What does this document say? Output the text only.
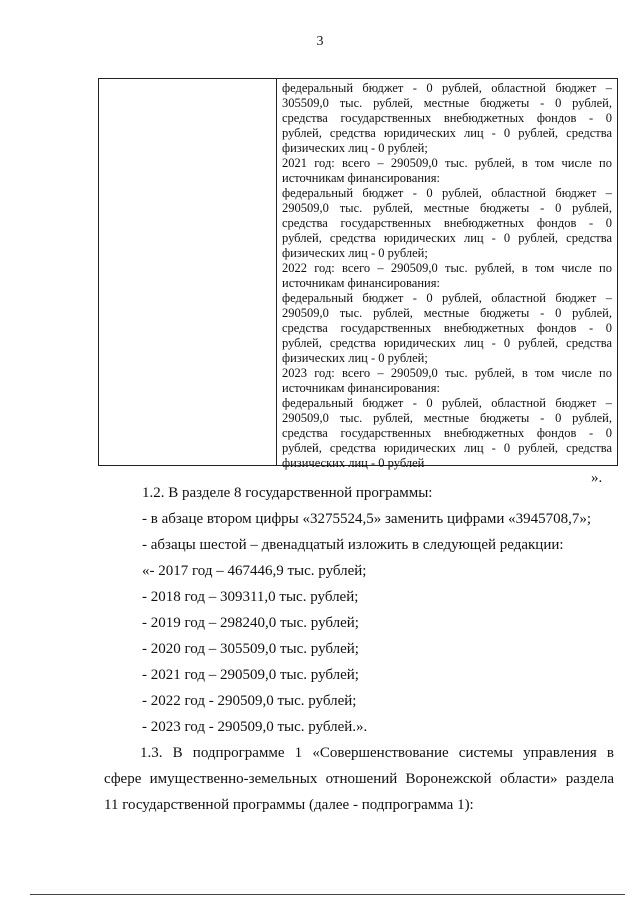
3
федеральный бюджет - 0 рублей, областной бюджет –
305509,0 тыс. рублей, местные бюджеты - 0 рублей,
средства государственных внебюджетных фондов - 0
рублей, средства юридических лиц - 0 рублей, средства
физических лиц - 0 рублей;
2021 год: всего – 290509,0 тыс. рублей, в том числе по
источникам финансирования:
федеральный бюджет - 0 рублей, областной бюджет –
290509,0 тыс. рублей, местные бюджеты - 0 рублей,
средства государственных внебюджетных фондов - 0
рублей, средства юридических лиц - 0 рублей, средства
физических лиц - 0 рублей;
2022 год: всего – 290509,0 тыс. рублей, в том числе по
источникам финансирования:
федеральный бюджет - 0 рублей, областной бюджет –
290509,0 тыс. рублей, местные бюджеты - 0 рублей,
средства государственных внебюджетных фондов - 0
рублей, средства юридических лиц - 0 рублей, средства
физических лиц - 0 рублей;
2023 год: всего – 290509,0 тыс. рублей, в том числе по
источникам финансирования:
федеральный бюджет - 0 рублей, областной бюджет –
290509,0 тыс. рублей, местные бюджеты - 0 рублей,
средства государственных внебюджетных фондов - 0
рублей, средства юридических лиц - 0 рублей, средства
физических лиц - 0 рублей
».
1.2. В разделе 8 государственной программы:
- в абзаце втором цифры «3275524,5» заменить цифрами «3945708,7»;
- абзацы шестой – двенадцатый изложить в следующей редакции:
«- 2017 год – 467446,9 тыс. рублей;
- 2018 год – 309311,0 тыс. рублей;
- 2019 год – 298240,0 тыс. рублей;
- 2020 год – 305509,0 тыс. рублей;
- 2021 год – 290509,0 тыс. рублей;
- 2022 год - 290509,0 тыс. рублей;
- 2023 год - 290509,0 тыс. рублей.».
1.3. В подпрограмме 1 «Совершенствование системы управления в
сфере имущественно-земельных отношений Воронежской области» раздела
11 государственной программы (далее - подпрограмма 1):
